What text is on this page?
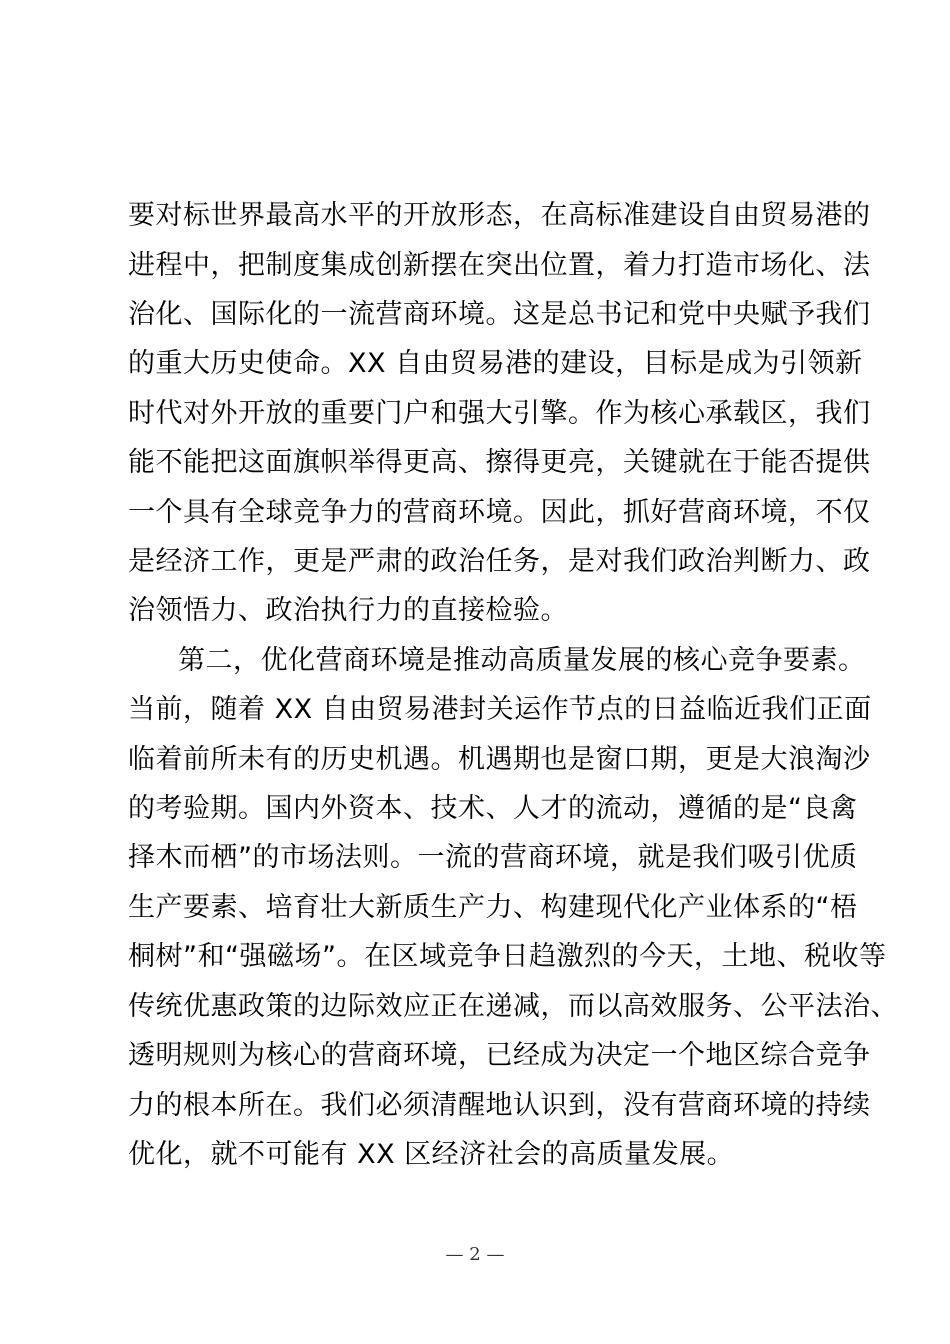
要对标世界最高水平的开放形态，在高标准建设自由贸易港的
进程中，把制度集成创新摆在突出位置，着力打造市场化、法
治化、国际化的一流营商环境。这是总书记和党中央赋予我们
的重大历史使命。XX 自由贸易港的建设，目标是成为引领新
时代对外开放的重要门户和强大引擎。作为核心承载区，我们
能不能把这面旗帜举得更高、擦得更亮，关键就在于能否提供
一个具有全球竞争力的营商环境。因此，抓好营商环境，不仅
是经济工作，更是严肃的政治任务，是对我们政治判断力、政
治领悟力、政治执行力的直接检验。
第二，优化营商环境是推动高质量发展的核心竞争要素。
当前，随着 XX 自由贸易港封关运作节点的日益临近我们正面
临着前所未有的历史机遇。机遇期也是窗口期，更是大浪淘沙
的考验期。国内外资本、技术、人才的流动，遵循的是“良禽
择木而栖”的市场法则。一流的营商环境，就是我们吸引优质
生产要素、培育壮大新质生产力、构建现代化产业体系的“梧
桐树”和“强磁场”。在区域竞争日趋激烈的今天，土地、税收等
传统优惠政策的边际效应正在递减，而以高效服务、公平法治、
透明规则为核心的营商环境，已经成为决定一个地区综合竞争
力的根本所在。我们必须清醒地认识到，没有营商环境的持续
优化，就不可能有 XX 区经济社会的高质量发展。
— 2 —
